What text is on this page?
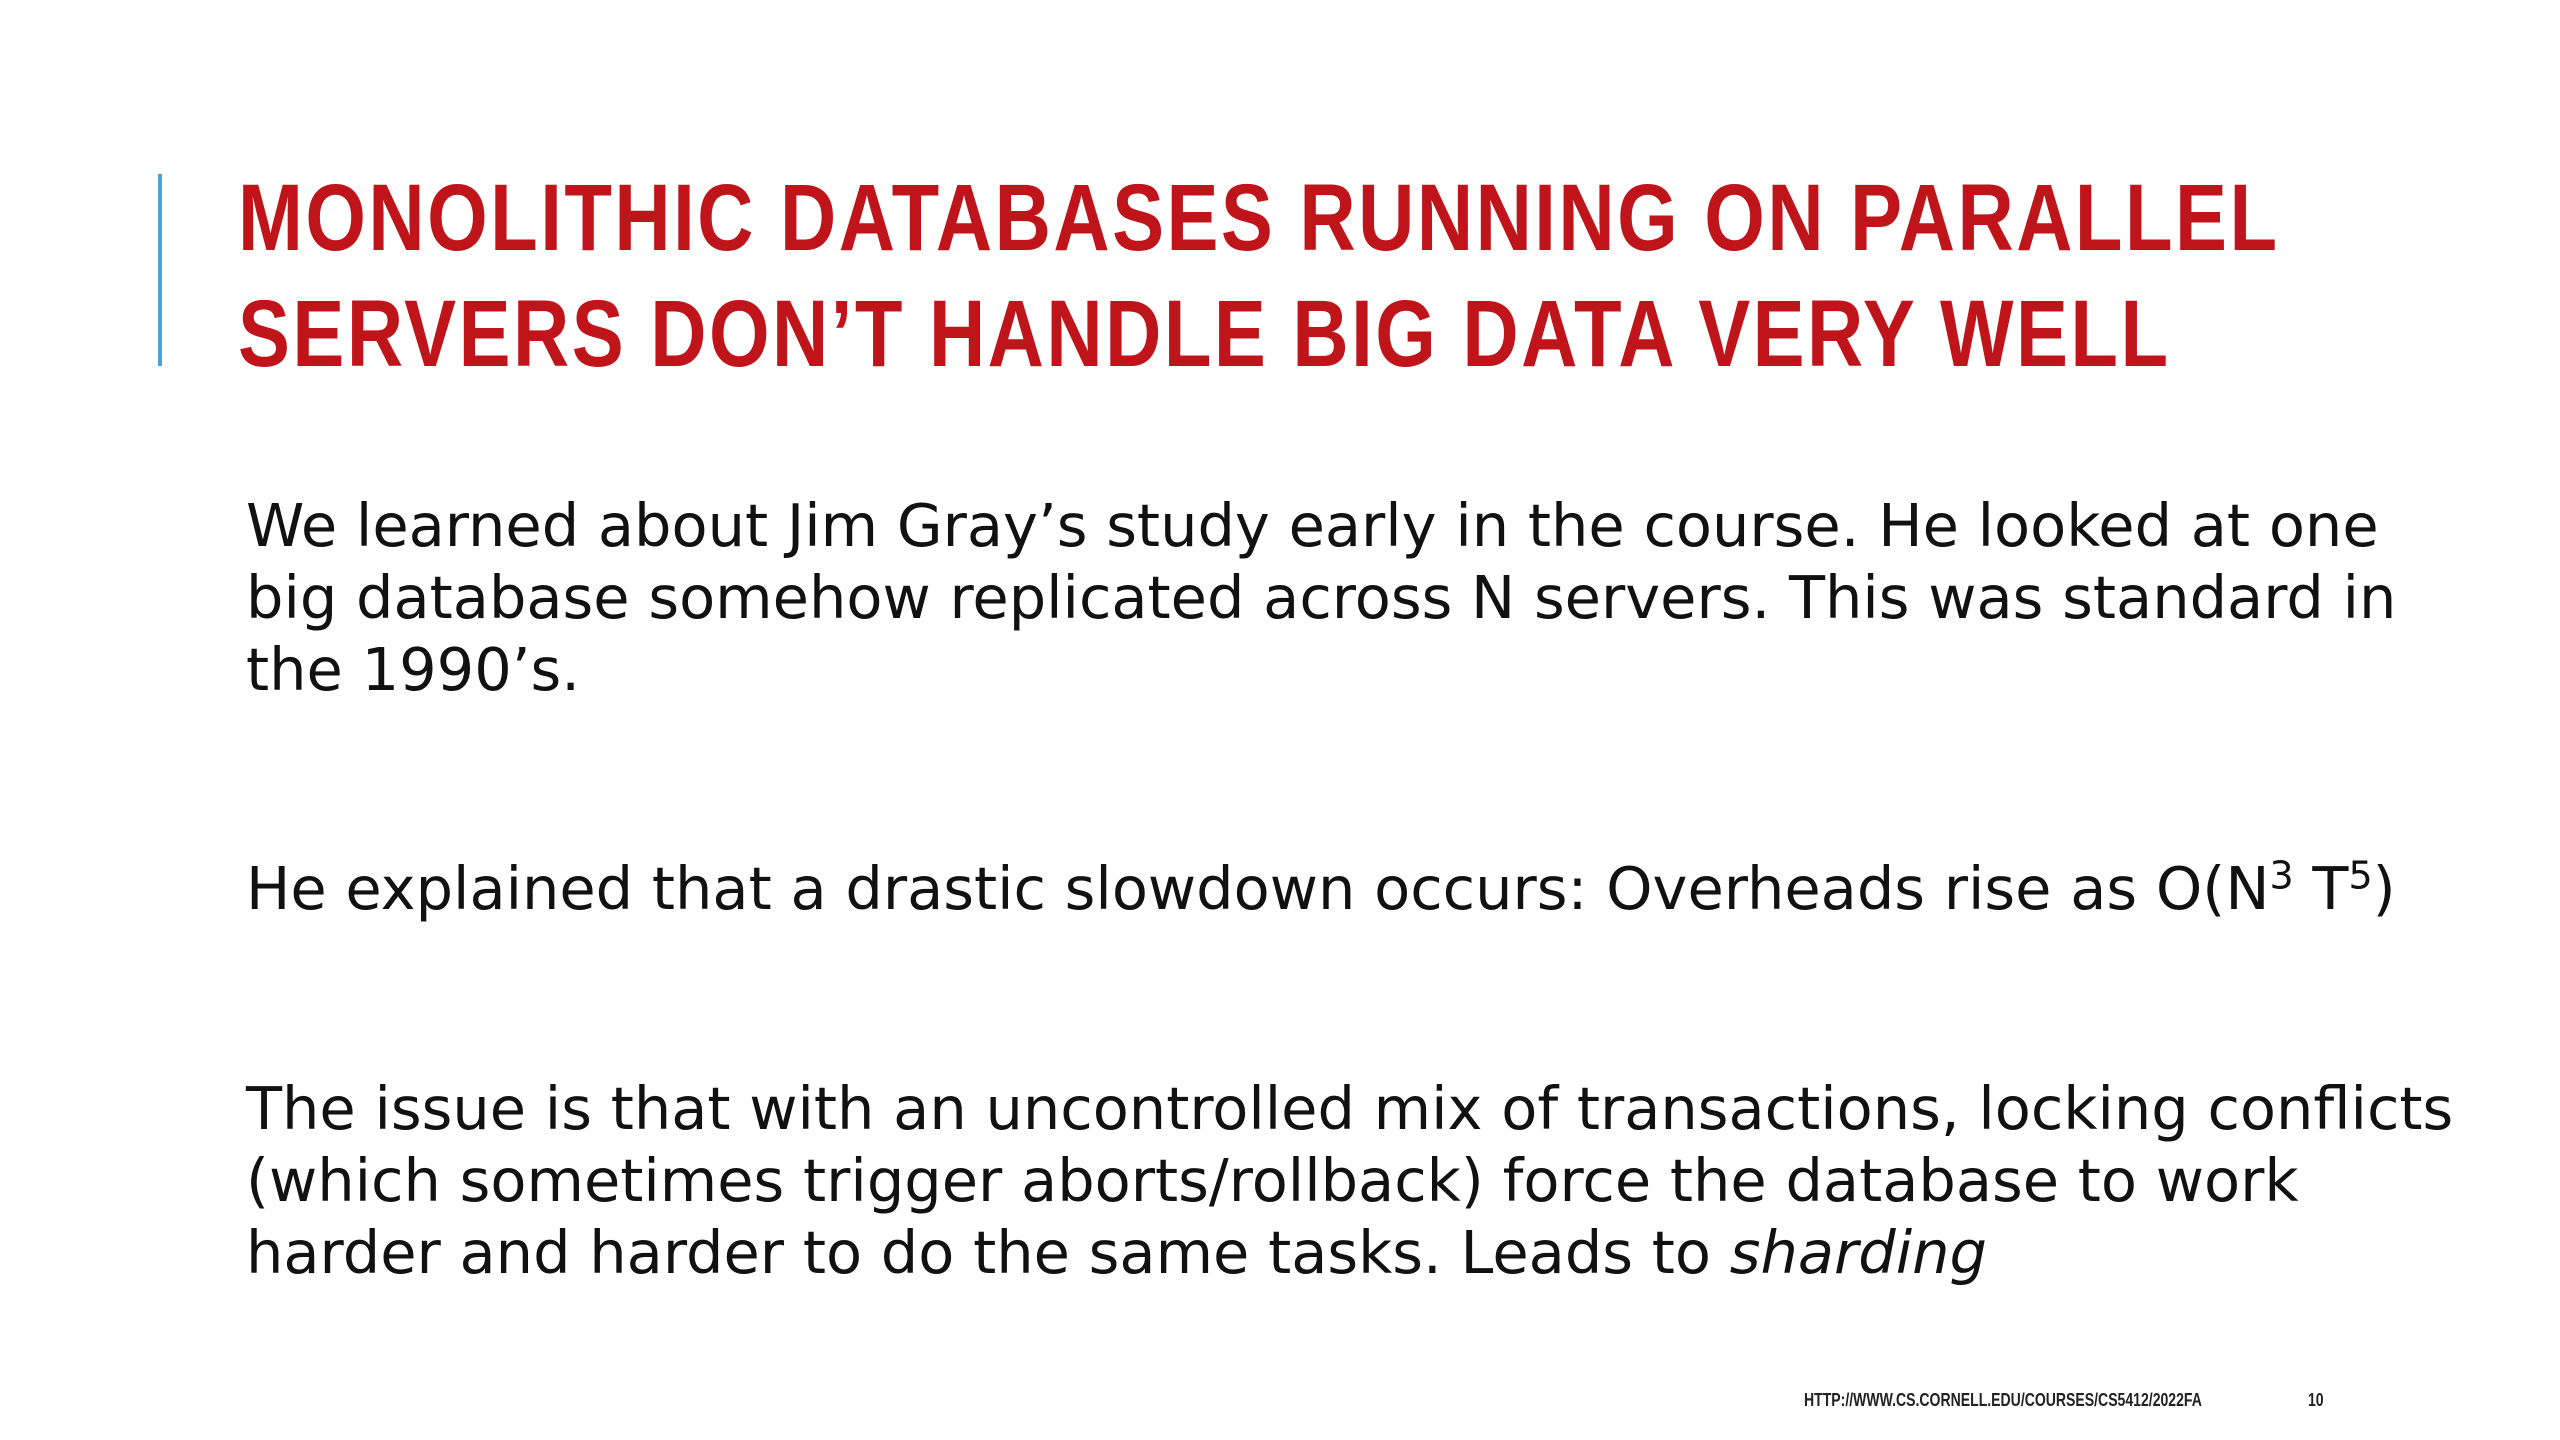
MONOLITHIC DATABASES RUNNING ON PARALLEL
SERVERS DON’T HANDLE BIG DATA VERY WELL

We learned about Jim Gray’s study early in the course. He looked at one
big database somehow replicated across N servers. This was standard in
the 1990’s.

He explained that a drastic slowdown occurs: Overheads rise as $O(N^3$ $T^5$)

The issue is that with an uncontrolled mix of transactions, locking conflicts
(which sometimes trigger aborts/rollback) force the database to work
harder and harder to do the same tasks. Leads to sharding

HTTP://WWW.CS.CORNELL.EDU/COURSES/CS5412/2022FA	10
